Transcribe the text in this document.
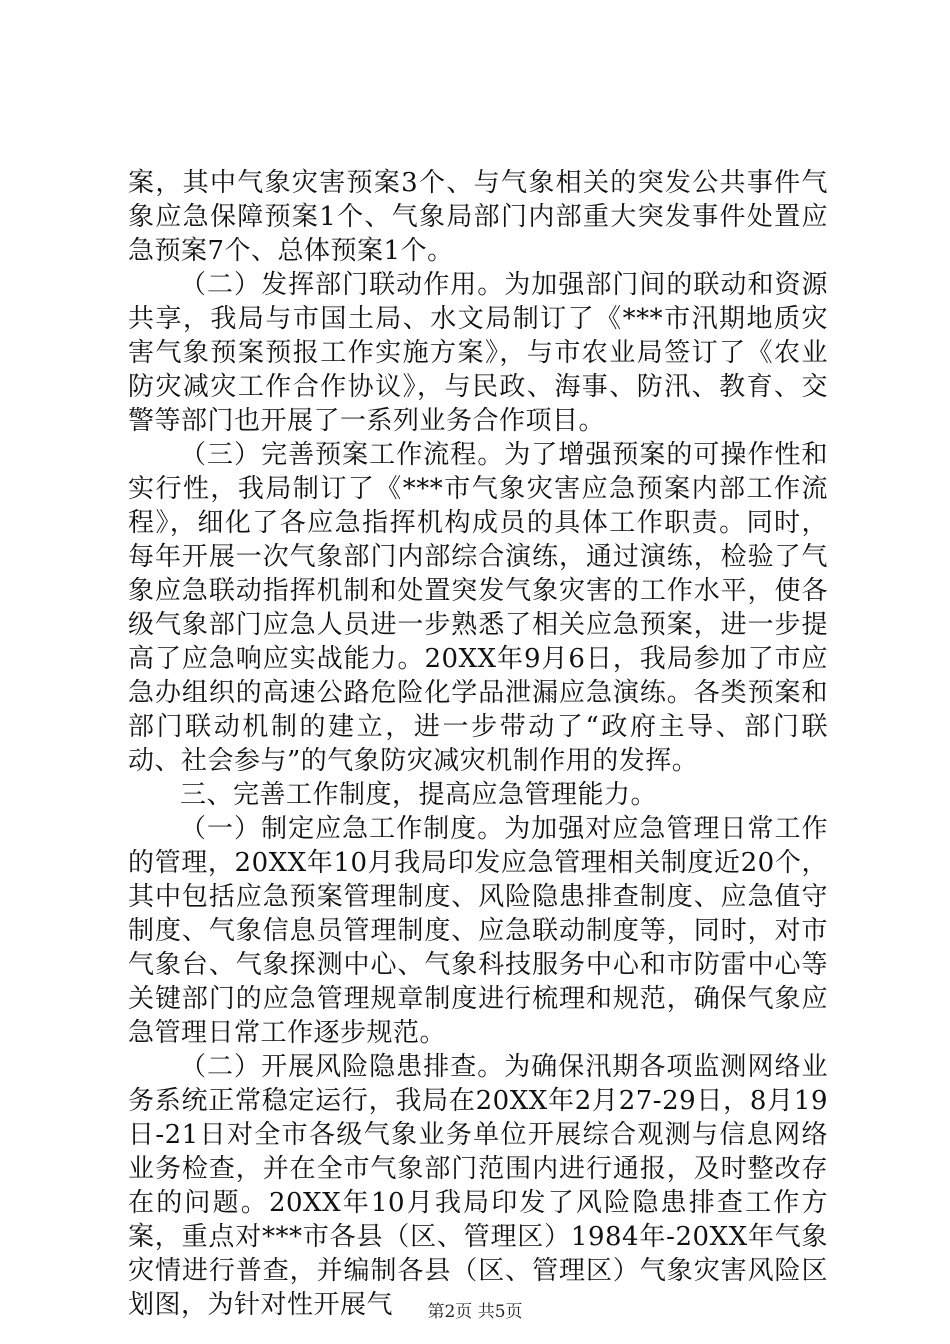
案，其中气象灾害预案3个、与气象相关的突发公共事件气象应急保障预案1个、气象局部门内部重大突发事件处置应急预案7个、总体预案1个。

（二）发挥部门联动作用。为加强部门间的联动和资源共享，我局与市国土局、水文局制订了《***市汛期地质灾害气象预案预报工作实施方案》，与市农业局签订了《农业防灾减灾工作合作协议》，与民政、海事、防汛、教育、交警等部门也开展了一系列业务合作项目。

（三）完善预案工作流程。为了增强预案的可操作性和实行性，我局制订了《***市气象灾害应急预案内部工作流程》，细化了各应急指挥机构成员的具体工作职责。同时，每年开展一次气象部门内部综合演练，通过演练，检验了气象应急联动指挥机制和处置突发气象灾害的工作水平，使各级气象部门应急人员进一步熟悉了相关应急预案，进一步提高了应急响应实战能力。20XX年9月6日，我局参加了市应急办组织的高速公路危险化学品泄漏应急演练。各类预案和部门联动机制的建立，进一步带动了“政府主导、部门联动、社会参与”的气象防灾减灾机制作用的发挥。

三、完善工作制度，提高应急管理能力。

（一）制定应急工作制度。为加强对应急管理日常工作的管理，20XX年10月我局印发应急管理相关制度近20个，其中包括应急预案管理制度、风险隐患排查制度、应急值守制度、气象信息员管理制度、应急联动制度等，同时，对市气象台、气象探测中心、气象科技服务中心和市防雷中心等关键部门的应急管理规章制度进行梳理和规范，确保气象应急管理日常工作逐步规范。

（二）开展风险隐患排查。为确保汛期各项监测网络业务系统正常稳定运行，我局在20XX年2月27-29日，8月19日-21日对全市各级气象业务单位开展综合观测与信息网络业务检查，并在全市气象部门范围内进行通报，及时整改存在的问题。20XX年10月我局印发了风险隐患排查工作方案，重点对***市各县（区、管理区）1984年-20XX年气象灾情进行普查，并编制各县（区、管理区）气象灾害风险区划图，为针对性开展气	第2页 共5页
